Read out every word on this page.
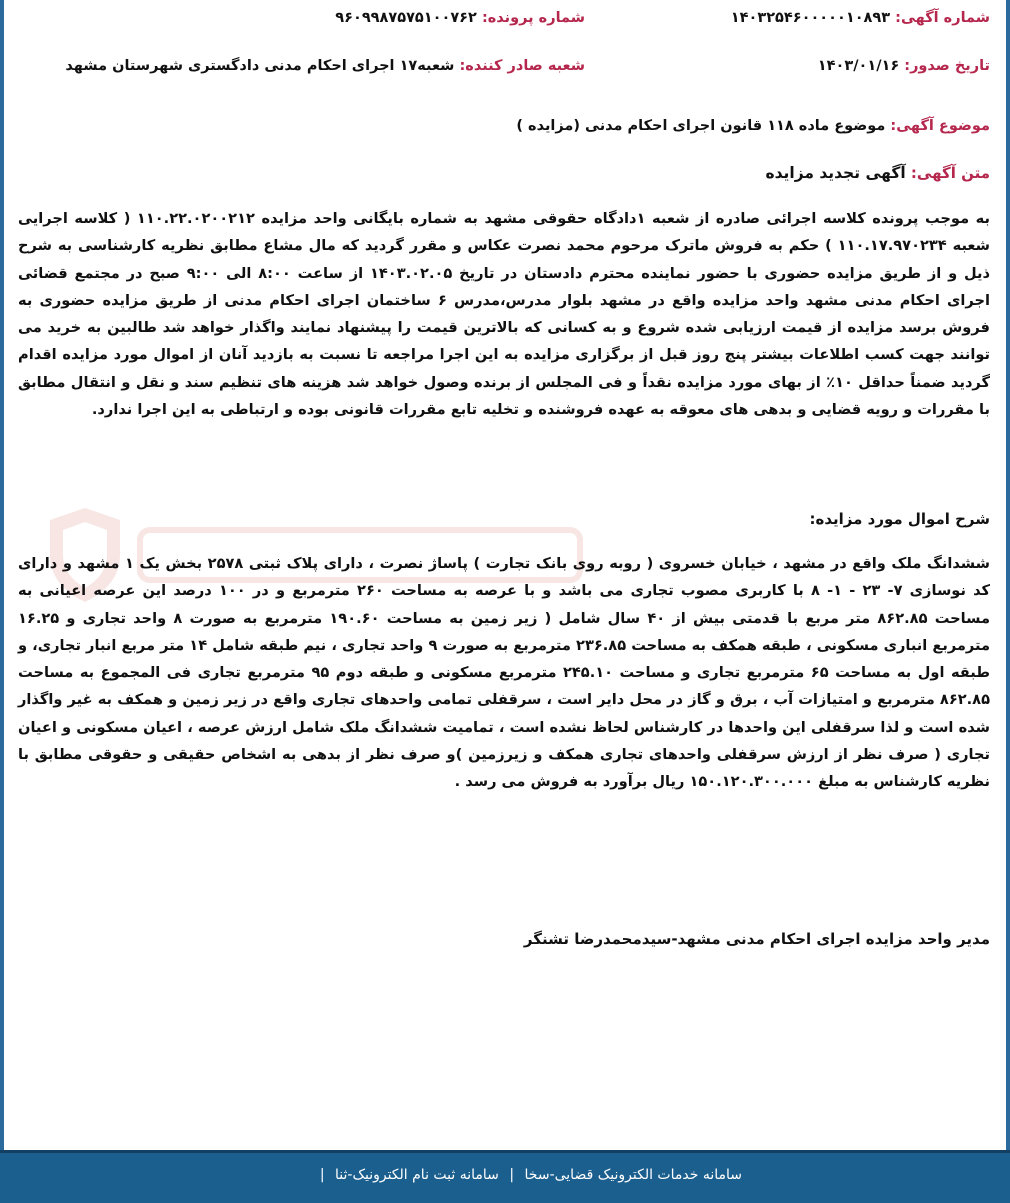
شماره آگهی: ۱۴۰۳۲۵۴۶۰۰۰۰۰۱۰۸۹۳
شماره پرونده: ۹۶۰۹۹۸۷۵۷۵۱۰۰۷۶۲
تاریخ صدور: ۱۴۰۳/۰۱/۱۶
شعبه صادر کننده: شعبه۱۷ اجرای احکام مدنی دادگستری شهرستان مشهد
موضوع آگهی: موضوع ماده ۱۱۸ قانون اجرای احکام مدنی (مزایده )
متن آگهی: آگهی تجدید مزایده
به موجب پرونده کلاسه اجرائی صادره از شعبه ۱دادگاه حقوقی مشهد به شماره بایگانی واحد مزایده ۱۱۰.۲۲.۰۲۰۰۲۱۲ ( کلاسه اجرایی شعبه ۱۱۰.۱۷.۹۷۰۲۳۴ ) حکم به فروش ماترک مرحوم محمد نصرت عکاس و مقرر گردید که مال مشاع مطابق نظریه کارشناسی به شرح ذیل و از طریق مزایده حضوری با حضور نماینده محترم دادستان در تاریخ ۱۴۰۳.۰۲.۰۵ از ساعت ۸:۰۰ الی ۹:۰۰ صبح در مجتمع قضائی اجرای احکام مدنی مشهد واحد مزایده واقع در مشهد بلوار مدرس،مدرس ۶ ساختمان اجرای احکام مدنی از طریق مزایده حضوری به فروش برسد مزایده از قیمت ارزیابی شده شروع و به کسانی که بالاترین قیمت را پیشنهاد نمایند واگذار خواهد شد طالبین به خرید می توانند جهت کسب اطلاعات بیشتر پنج روز قبل از برگزاری مزایده به این اجرا مراجعه تا نسبت به بازدید آنان از اموال مورد مزایده اقدام گردید ضمناً حداقل ۱۰٪ از بهای مورد مزایده نقداً و فی المجلس از برنده وصول خواهد شد هزینه های تنظیم سند و نقل و انتقال مطابق با مقررات و رویه قضایی و بدهی های معوقه به عهده فروشنده و تخلیه تابع مقررات قانونی بوده و ارتباطی به این اجرا ندارد.
شرح اموال مورد مزایده:
ششدانگ ملک واقع در مشهد ، خیابان خسروی ( روبه روی بانک تجارت ) پاساژ نصرت ، دارای پلاک ثبتی ۲۵۷۸ بخش یک ۱ مشهد و دارای کد نوسازی ۷- ۲۳ - ۱- ۸ با کاربری مصوب تجاری می باشد و با عرصه به مساحت ۲۶۰ مترمربع و در ۱۰۰ درصد این عرصه اعیانی به مساحت ۸۶۲.۸۵ متر مربع با قدمتی بیش از ۴۰ سال شامل ( زیر زمین به مساحت ۱۹۰.۶۰ مترمربع به صورت ۸ واحد تجاری و ۱۶.۲۵ مترمربع انباری مسکونی ، طبقه همکف به مساحت ۲۳۶.۸۵ مترمربع به صورت ۹ واحد تجاری ، نیم طبقه شامل ۱۴ متر مربع انبار تجاری، و طبقه اول به مساحت ۶۵ مترمربع تجاری و مساحت ۲۴۵.۱۰ مترمربع مسکونی و طبقه دوم ۹۵ مترمربع تجاری فی المجموع به مساحت ۸۶۲.۸۵ مترمربع و امتیازات آب ، برق و گاز در محل دایر است ، سرقفلی تمامی واحدهای تجاری واقع در زیر زمین و همکف به غیر واگذار شده است و لذا سرقفلی این واحدها در کارشناس لحاظ نشده است ، تمامیت ششدانگ ملک شامل ارزش عرصه ، اعیان مسکونی و اعیان تجاری ( صرف نظر از ارزش سرقفلی واحدهای تجاری همکف و زیرزمین )و صرف نظر از بدهی به اشخاص حقیقی و حقوقی مطابق با نظریه کارشناس به مبلغ ۱۵۰.۱۲۰.۳۰۰.۰۰۰ ریال برآورد به فروش می رسد .
مدیر واحد مزایده اجرای احکام مدنی مشهد-سیدمحمدرضا تشنگر
سامانه خدمات الکترونیک قضایی-سخا | سامانه ثبت نام الکترونیک-ثنا |
